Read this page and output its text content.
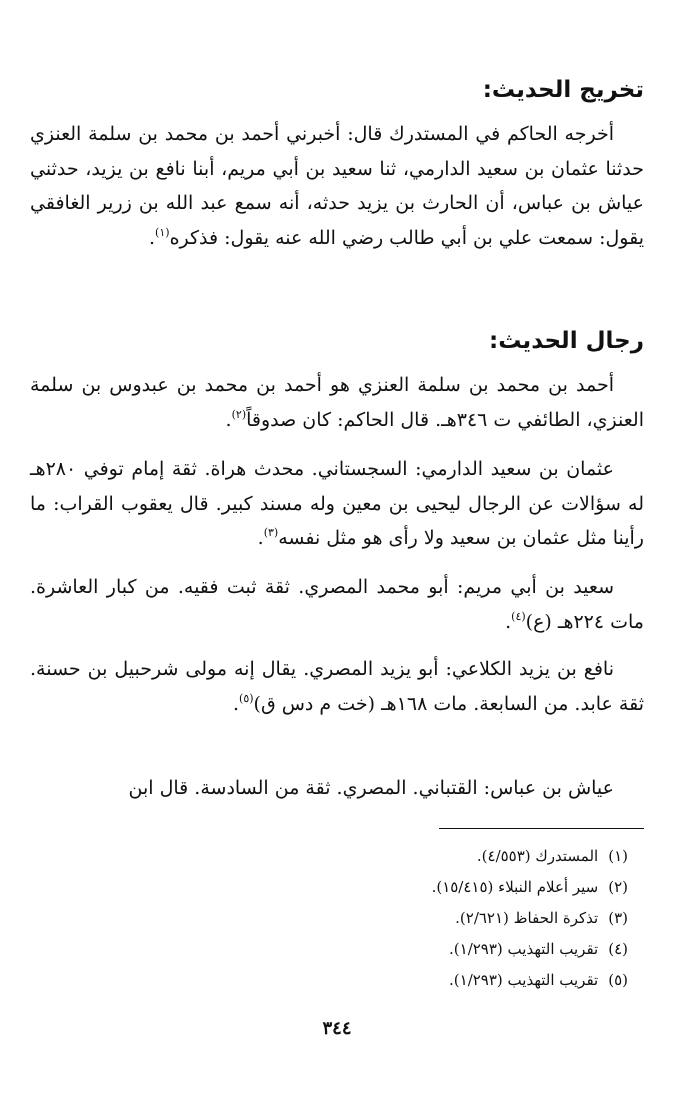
تخريج الحديث:

أخرجه الحاكم في المستدرك قال: أخبرني أحمد بن محمد بن سلمة العنزي حدثنا عثمان بن سعيد الدارمي، ثنا سعيد بن أبي مريم، أبنا نافع بن يزيد، حدثني عياش بن عباس، أن الحارث بن يزيد حدثه، أنه سمع عبد الله بن زرير الغافقي يقول: سمعت علي بن أبي طالب رضي الله عنه يقول: فذكره$^{(١)}$.

رجال الحديث:

أحمد بن محمد بن سلمة العنزي هو أحمد بن محمد بن عبدوس بن سلمة العنزي، الطائفي ت ٣٤٦هـ. قال الحاكم: كان صدوقاً$^{(٢)}$.

عثمان بن سعيد الدارمي: السجستاني. محدث هراة. ثقة إمام توفي ٢٨٠هـ له سؤالات عن الرجال ليحيى بن معين وله مسند كبير. قال يعقوب القراب: ما رأينا مثل عثمان بن سعيد ولا رأى هو مثل نفسه$^{(٣)}$.

سعيد بن أبي مريم: أبو محمد المصري. ثقة ثبت فقيه. من كبار العاشرة. مات ٢٢٤هـ (ع)$^{(٤)}$.

نافع بن يزيد الكلاعي: أبو يزيد المصري. يقال إنه مولى شرحبيل بن حسنة. ثقة عابد. من السابعة. مات ١٦٨هـ (خت م دس ق)$^{(٥)}$.

عياش بن عباس: القتباني. المصري. ثقة من السادسة. قال ابن

(١)المستدرك (٤/٥٥٣).
(٢)سير أعلام النبلاء (١٥/٤١٥).
(٣)تذكرة الحفاظ (٢/٦٢١).
(٤)تقريب التهذيب (١/٢٩٣).
(٥)تقريب التهذيب (١/٢٩٣).
٣٤٤
